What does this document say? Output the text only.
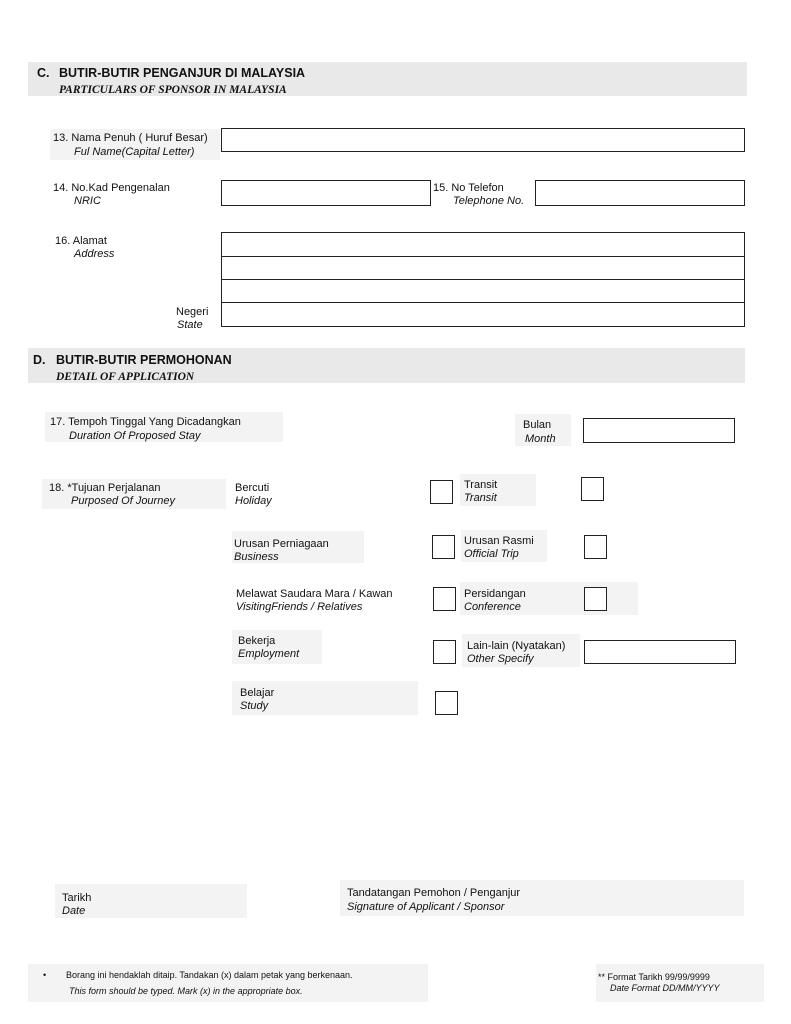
C. BUTIR-BUTIR PENGANJUR DI MALAYSIA
PARTICULARS OF SPONSOR IN MALAYSIA
13. Nama Penuh ( Huruf Besar)
Ful Name(Capital Letter)
14. No.Kad Pengenalan
NRIC
15. No Telefon
Telephone No.
16. Alamat
Address
Negeri
State
D. BUTIR-BUTIR PERMOHONAN
DETAIL OF APPLICATION
17. Tempoh Tinggal Yang Dicadangkan
Duration Of Proposed Stay
Bulan
Month
18. *Tujuan Perjalanan
Purposed Of Journey
Bercuti
Holiday
Transit
Transit
Urusan Perniagaan
Business
Urusan Rasmi
Official Trip
Melawat Saudara Mara / Kawan
VisitingFriends / Relatives
Persidangan
Conference
Bekerja
Employment
Lain-lain (Nyatakan)
Other Specify
Belajar
Study
Tarikh
Date
Tandatangan Pemohon / Penganjur
Signature of Applicant / Sponsor
• Borang ini hendaklah ditaip. Tandakan (x) dalam petak yang berkenaan.
This form should be typed. Mark (x) in the appropriate box.
** Format Tarikh 99/99/9999
Date Format DD/MM/YYYY
